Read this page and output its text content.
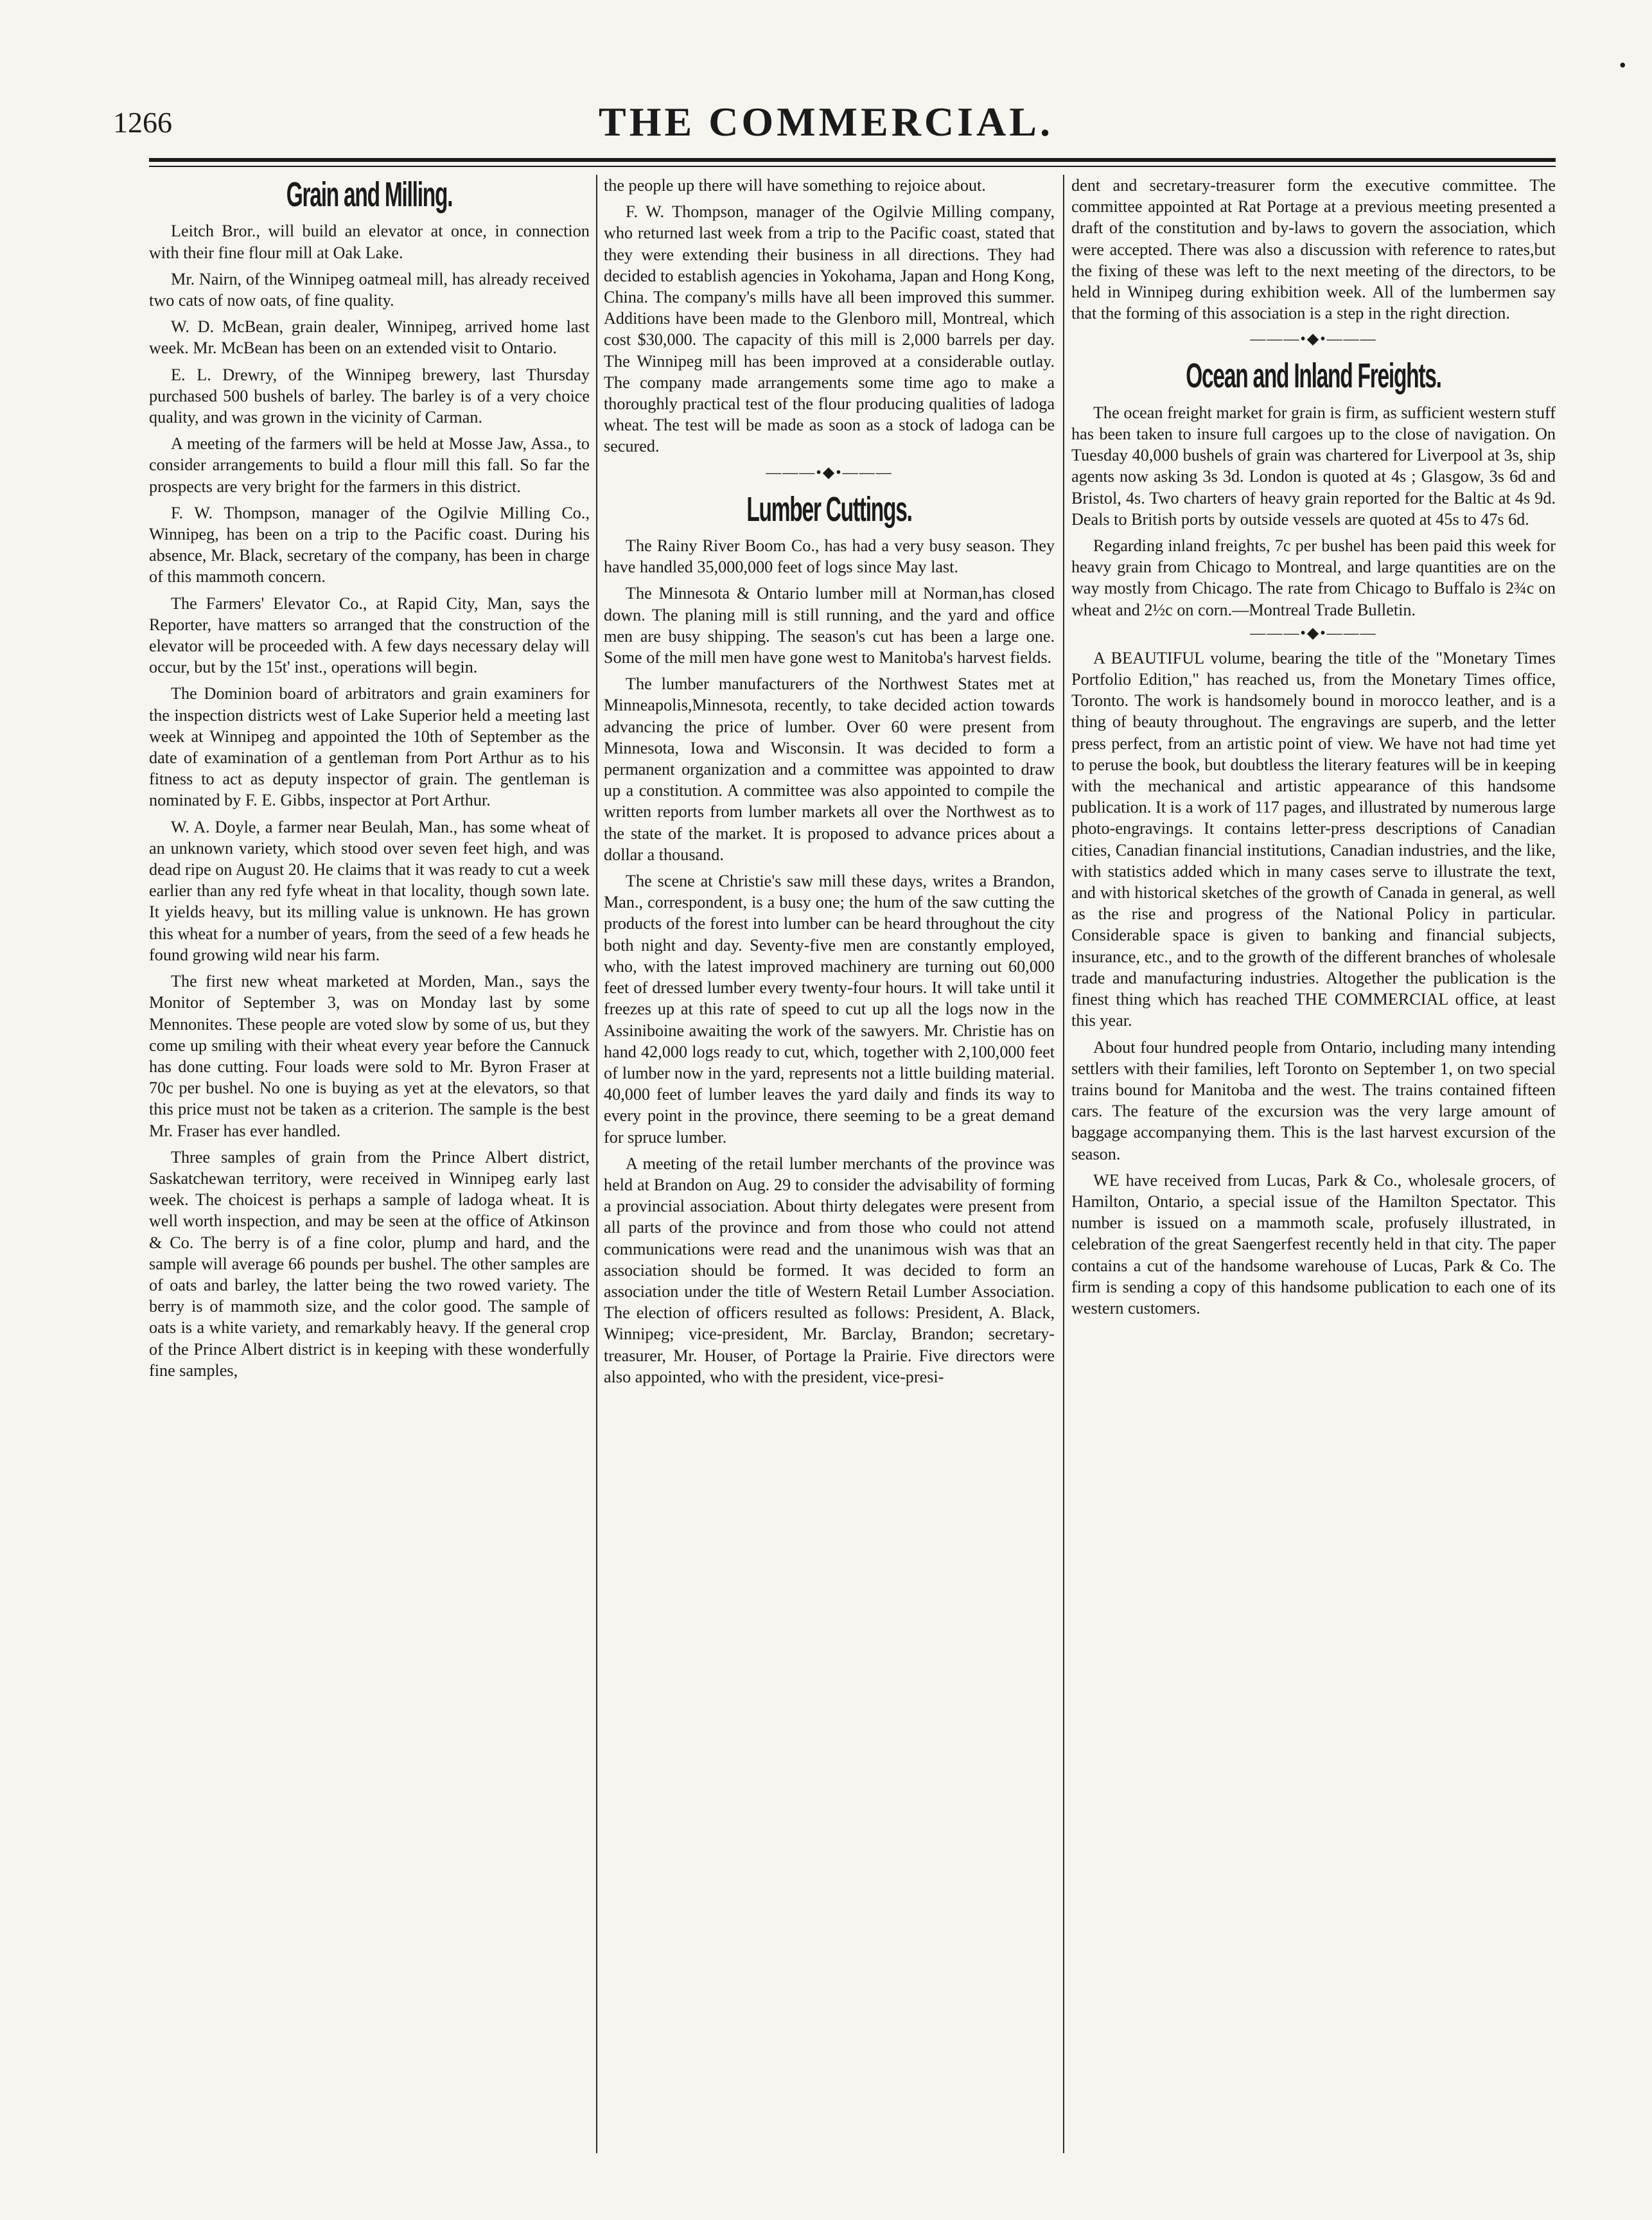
1266	THE COMMERCIAL.
•
Grain and Milling.

Leitch Bror., will build an elevator at once, in connection with their fine flour mill at Oak Lake.

Mr. Nairn, of the Winnipeg oatmeal mill, has already received two cats of now oats, of fine quality.

W. D. McBean, grain dealer, Winnipeg, arrived home last week. Mr. McBean has been on an extended visit to Ontario.

E. L. Drewry, of the Winnipeg brewery, last Thursday purchased 500 bushels of barley. The barley is of a very choice quality, and was grown in the vicinity of Carman.

A meeting of the farmers will be held at Mosse Jaw, Assa., to consider arrangements to build a flour mill this fall. So far the prospects are very bright for the farmers in this district.

F. W. Thompson, manager of the Ogilvie Milling Co., Winnipeg, has been on a trip to the Pacific coast. During his absence, Mr. Black, secretary of the company, has been in charge of this mammoth concern.

The Farmers' Elevator Co., at Rapid City, Man, says the Reporter, have matters so arranged that the construction of the elevator will be proceeded with. A few days necessary delay will occur, but by the 15t' inst., operations will begin.

The Dominion board of arbitrators and grain examiners for the inspection districts west of Lake Superior held a meeting last week at Winnipeg and appointed the 10th of September as the date of examination of a gentleman from Port Arthur as to his fitness to act as deputy inspector of grain. The gentleman is nominated by F. E. Gibbs, inspector at Port Arthur.

W. A. Doyle, a farmer near Beulah, Man., has some wheat of an unknown variety, which stood over seven feet high, and was dead ripe on August 20. He claims that it was ready to cut a week earlier than any red fyfe wheat in that locality, though sown late. It yields heavy, but its milling value is unknown. He has grown this wheat for a number of years, from the seed of a few heads he found growing wild near his farm.

The first new wheat marketed at Morden, Man., says the Monitor of September 3, was on Monday last by some Mennonites. These people are voted slow by some of us, but they come up smiling with their wheat every year before the Cannuck has done cutting. Four loads were sold to Mr. Byron Fraser at 70c per bushel. No one is buying as yet at the elevators, so that this price must not be taken as a criterion. The sample is the best Mr. Fraser has ever handled.

Three samples of grain from the Prince Albert district, Saskatchewan territory, were received in Winnipeg early last week. The choicest is perhaps a sample of ladoga wheat. It is well worth inspection, and may be seen at the office of Atkinson & Co. The berry is of a fine color, plump and hard, and the sample will average 66 pounds per bushel. The other samples are of oats and barley, the latter being the two rowed variety. The berry is of mammoth size, and the color good. The sample of oats is a white variety, and remarkably heavy. If the general crop of the Prince Albert district is in keeping with these wonderfully fine samples,

the people up there will have something to rejoice about.

F. W. Thompson, manager of the Ogilvie Milling company, who returned last week from a trip to the Pacific coast, stated that they were extending their business in all directions. They had decided to establish agencies in Yokohama, Japan and Hong Kong, China. The company's mills have all been improved this summer. Additions have been made to the Glenboro mill, Montreal, which cost $30,000. The capacity of this mill is 2,000 barrels per day. The Winnipeg mill has been improved at a considerable outlay. The company made arrangements some time ago to make a thoroughly practical test of the flour producing qualities of ladoga wheat. The test will be made as soon as a stock of ladoga can be secured.

———•◆•———
Lumber Cuttings.

The Rainy River Boom Co., has had a very busy season. They have handled 35,000,000 feet of logs since May last.

The Minnesota & Ontario lumber mill at Norman,has closed down. The planing mill is still running, and the yard and office men are busy shipping. The season's cut has been a large one. Some of the mill men have gone west to Manitoba's harvest fields.

The lumber manufacturers of the Northwest States met at Minneapolis,Minnesota, recently, to take decided action towards advancing the price of lumber. Over 60 were present from Minnesota, Iowa and Wisconsin. It was decided to form a permanent organization and a committee was appointed to draw up a constitution. A committee was also appointed to compile the written reports from lumber markets all over the Northwest as to the state of the market. It is proposed to advance prices about a dollar a thousand.

The scene at Christie's saw mill these days, writes a Brandon, Man., correspondent, is a busy one; the hum of the saw cutting the products of the forest into lumber can be heard throughout the city both night and day. Seventy-five men are constantly employed, who, with the latest improved machinery are turning out 60,000 feet of dressed lumber every twenty-four hours. It will take until it freezes up at this rate of speed to cut up all the logs now in the Assiniboine awaiting the work of the sawyers. Mr. Christie has on hand 42,000 logs ready to cut, which, together with 2,100,000 feet of lumber now in the yard, represents not a little building material. 40,000 feet of lumber leaves the yard daily and finds its way to every point in the province, there seeming to be a great demand for spruce lumber.

A meeting of the retail lumber merchants of the province was held at Brandon on Aug. 29 to consider the advisability of forming a provincial association. About thirty delegates were present from all parts of the province and from those who could not attend communications were read and the unanimous wish was that an association should be formed. It was decided to form an association under the title of Western Retail Lumber Association. The election of officers resulted as follows: President, A. Black, Winnipeg; vice-president, Mr. Barclay, Brandon; secretary-treasurer, Mr. Houser, of Portage la Prairie. Five directors were also appointed, who with the president, vice-presi-

dent and secretary-treasurer form the executive committee. The committee appointed at Rat Portage at a previous meeting presented a draft of the constitution and by-laws to govern the association, which were accepted. There was also a discussion with reference to rates,but the fixing of these was left to the next meeting of the directors, to be held in Winnipeg during exhibition week. All of the lumbermen say that the forming of this association is a step in the right direction.

———•◆•———
Ocean and Inland Freights.

The ocean freight market for grain is firm, as sufficient western stuff has been taken to insure full cargoes up to the close of navigation. On Tuesday 40,000 bushels of grain was chartered for Liverpool at 3s, ship agents now asking 3s 3d. London is quoted at 4s ; Glasgow, 3s 6d and Bristol, 4s. Two charters of heavy grain reported for the Baltic at 4s 9d. Deals to British ports by outside vessels are quoted at 45s to 47s 6d.

Regarding inland freights, 7c per bushel has been paid this week for heavy grain from Chicago to Montreal, and large quantities are on the way mostly from Chicago. The rate from Chicago to Buffalo is 2¾c on wheat and 2½c on corn.—Montreal Trade Bulletin.

———•◆•———

A BEAUTIFUL volume, bearing the title of the "Monetary Times Portfolio Edition," has reached us, from the Monetary Times office, Toronto. The work is handsomely bound in morocco leather, and is a thing of beauty throughout. The engravings are superb, and the letter press perfect, from an artistic point of view. We have not had time yet to peruse the book, but doubtless the literary features will be in keeping with the mechanical and artistic appearance of this handsome publication. It is a work of 117 pages, and illustrated by numerous large photo-engravings. It contains letter-press descriptions of Canadian cities, Canadian financial institutions, Canadian industries, and the like, with statistics added which in many cases serve to illustrate the text, and with historical sketches of the growth of Canada in general, as well as the rise and progress of the National Policy in particular. Considerable space is given to banking and financial subjects, insurance, etc., and to the growth of the different branches of wholesale trade and manufacturing industries. Altogether the publication is the finest thing which has reached THE COMMERCIAL office, at least this year.

About four hundred people from Ontario, including many intending settlers with their families, left Toronto on September 1, on two special trains bound for Manitoba and the west. The trains contained fifteen cars. The feature of the excursion was the very large amount of baggage accompanying them. This is the last harvest excursion of the season.

WE have received from Lucas, Park & Co., wholesale grocers, of Hamilton, Ontario, a special issue of the Hamilton Spectator. This number is issued on a mammoth scale, profusely illustrated, in celebration of the great Saengerfest recently held in that city. The paper contains a cut of the handsome warehouse of Lucas, Park & Co. The firm is sending a copy of this handsome publication to each one of its western customers.
